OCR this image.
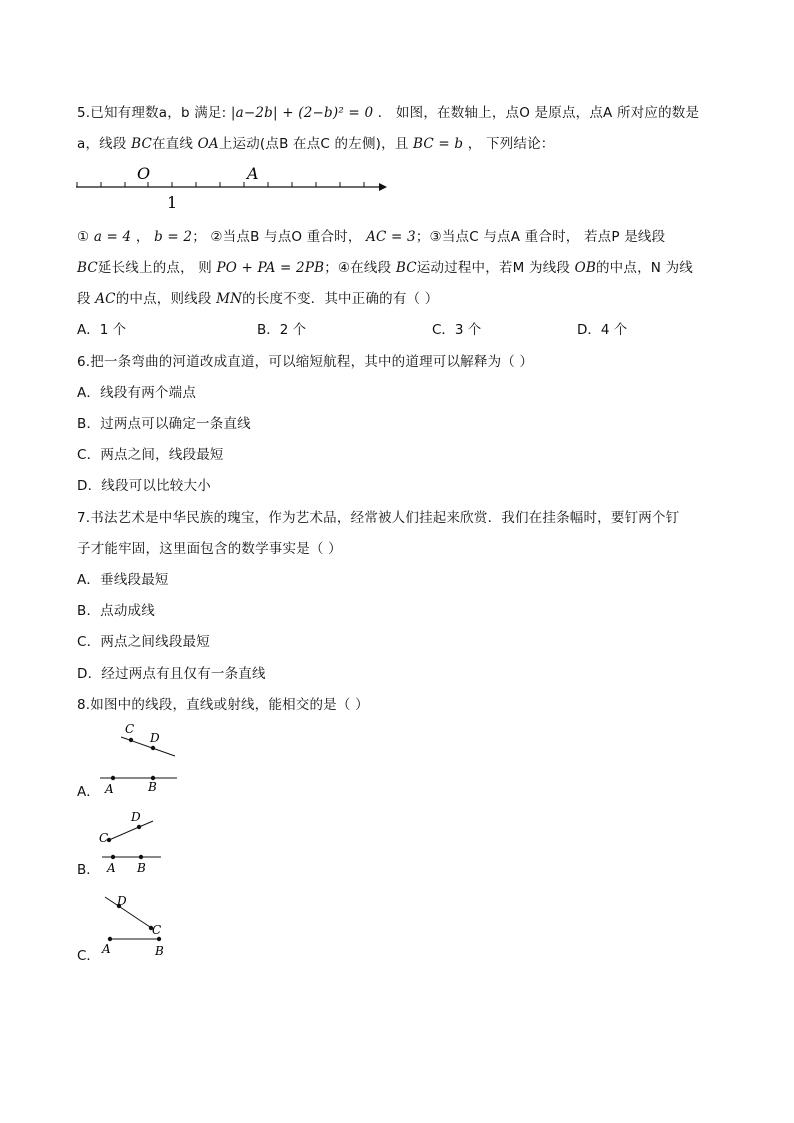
5.已知有理数a，b 满足: |a−2b| + (2−b)² = 0 ． 如图，在数轴上，点O 是原点，点A 所对应的数是
a，线段 BC在直线 OA上运动(点B 在点C 的左侧)，且 BC = b ， 下列结论：
O	A
1
① a = 4 ， b = 2； ②当点B 与点O 重合时， AC = 3；③当点C 与点A 重合时， 若点P 是线段
BC延长线上的点， 则 PO + PA = 2PB；④在线段 BC运动过程中，若M 为线段 OB的中点，N 为线
段 AC的中点，则线段 MN的长度不变．其中正确的有（ ）
A．1 个	B．2 个	C．3 个	D．4 个
6.把一条弯曲的河道改成直道，可以缩短航程，其中的道理可以解释为（ ）
A．线段有两个端点
B．过两点可以确定一条直线
C．两点之间，线段最短
D．线段可以比较大小
7.书法艺术是中华民族的瑰宝，作为艺术品，经常被人们挂起来欣赏．我们在挂条幅时，要钉两个钉
子才能牢固，这里面包含的数学事实是（ ）
A．垂线段最短
B．点动成线
C．两点之间线段最短
D．经过两点有且仅有一条直线
8.如图中的线段，直线或射线，能相交的是（ ）
A．
C
D
A	B
B．
C
D
A B
C．
D
C
A	B
